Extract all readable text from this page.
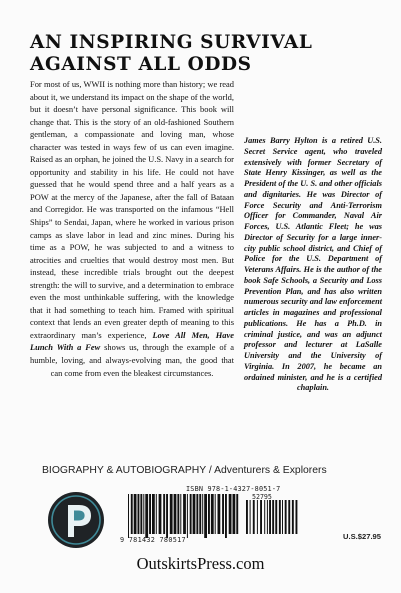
AN INSPIRING SURVIVAL AGAINST ALL ODDS

For most of us, WWII is nothing more than history; we read about it, we understand its impact on the shape of the world, but it doesn’t have personal significance. This book will change that. This is the story of an old-fashioned Southern gentleman, a compassionate and loving man, whose character was tested in ways few of us can even imagine. Raised as an orphan, he joined the U.S. Navy in a search for opportunity and stability in his life. He could not have guessed that he would spend three and a half years as a POW at the mercy of the Japanese, after the fall of Bataan and Corregidor. He was transported on the infamous “Hell Ships” to Sendai, Japan, where he worked in various prison camps as slave labor in lead and zinc mines. During his time as a POW, he was subjected to and a witness to atrocities and cruelties that would destroy most men. But instead, these incredible trials brought out the deepest strength: the will to survive, and a determination to embrace even the most unthinkable suffering, with the knowledge that it had something to teach him. Framed with spiritual context that lends an even greater depth of meaning to this extraordinary man’s experience, Love All Men, Have Lunch With a Few shows us, through the example of a humble, loving, and always-evolving man, the good that can come from even the bleakest circumstances.

James Barry Hylton is a retired U.S. Secret Service agent, who traveled extensively with former Secretary of State Henry Kissinger, as well as the President of the U. S. and other officials and dignitaries. He was Director of Force Security and Anti-Terrorism Officer for Commander, Naval Air Forces, U.S. Atlantic Fleet; he was Director of Security for a large inner-city public school district, and Chief of Police for the U.S. Department of Veterans Affairs. He is the author of the book Safe Schools, a Security and Loss Prevention Plan, and has also written numerous security and law enforcement articles in magazines and professional publications. He has a Ph.D. in criminal justice, and was an adjunct professor and lecturer at LaSalle University and the University of Virginia. In 2007, he became an ordained minister, and he is a certified chaplain.

BIOGRAPHY & AUTOBIOGRAPHY / Adventurers & Explorers
ISBN 978-1-4327-8051-7
52795
9 781432 780517	U.S.$27.95
OutskirtsPress.com
